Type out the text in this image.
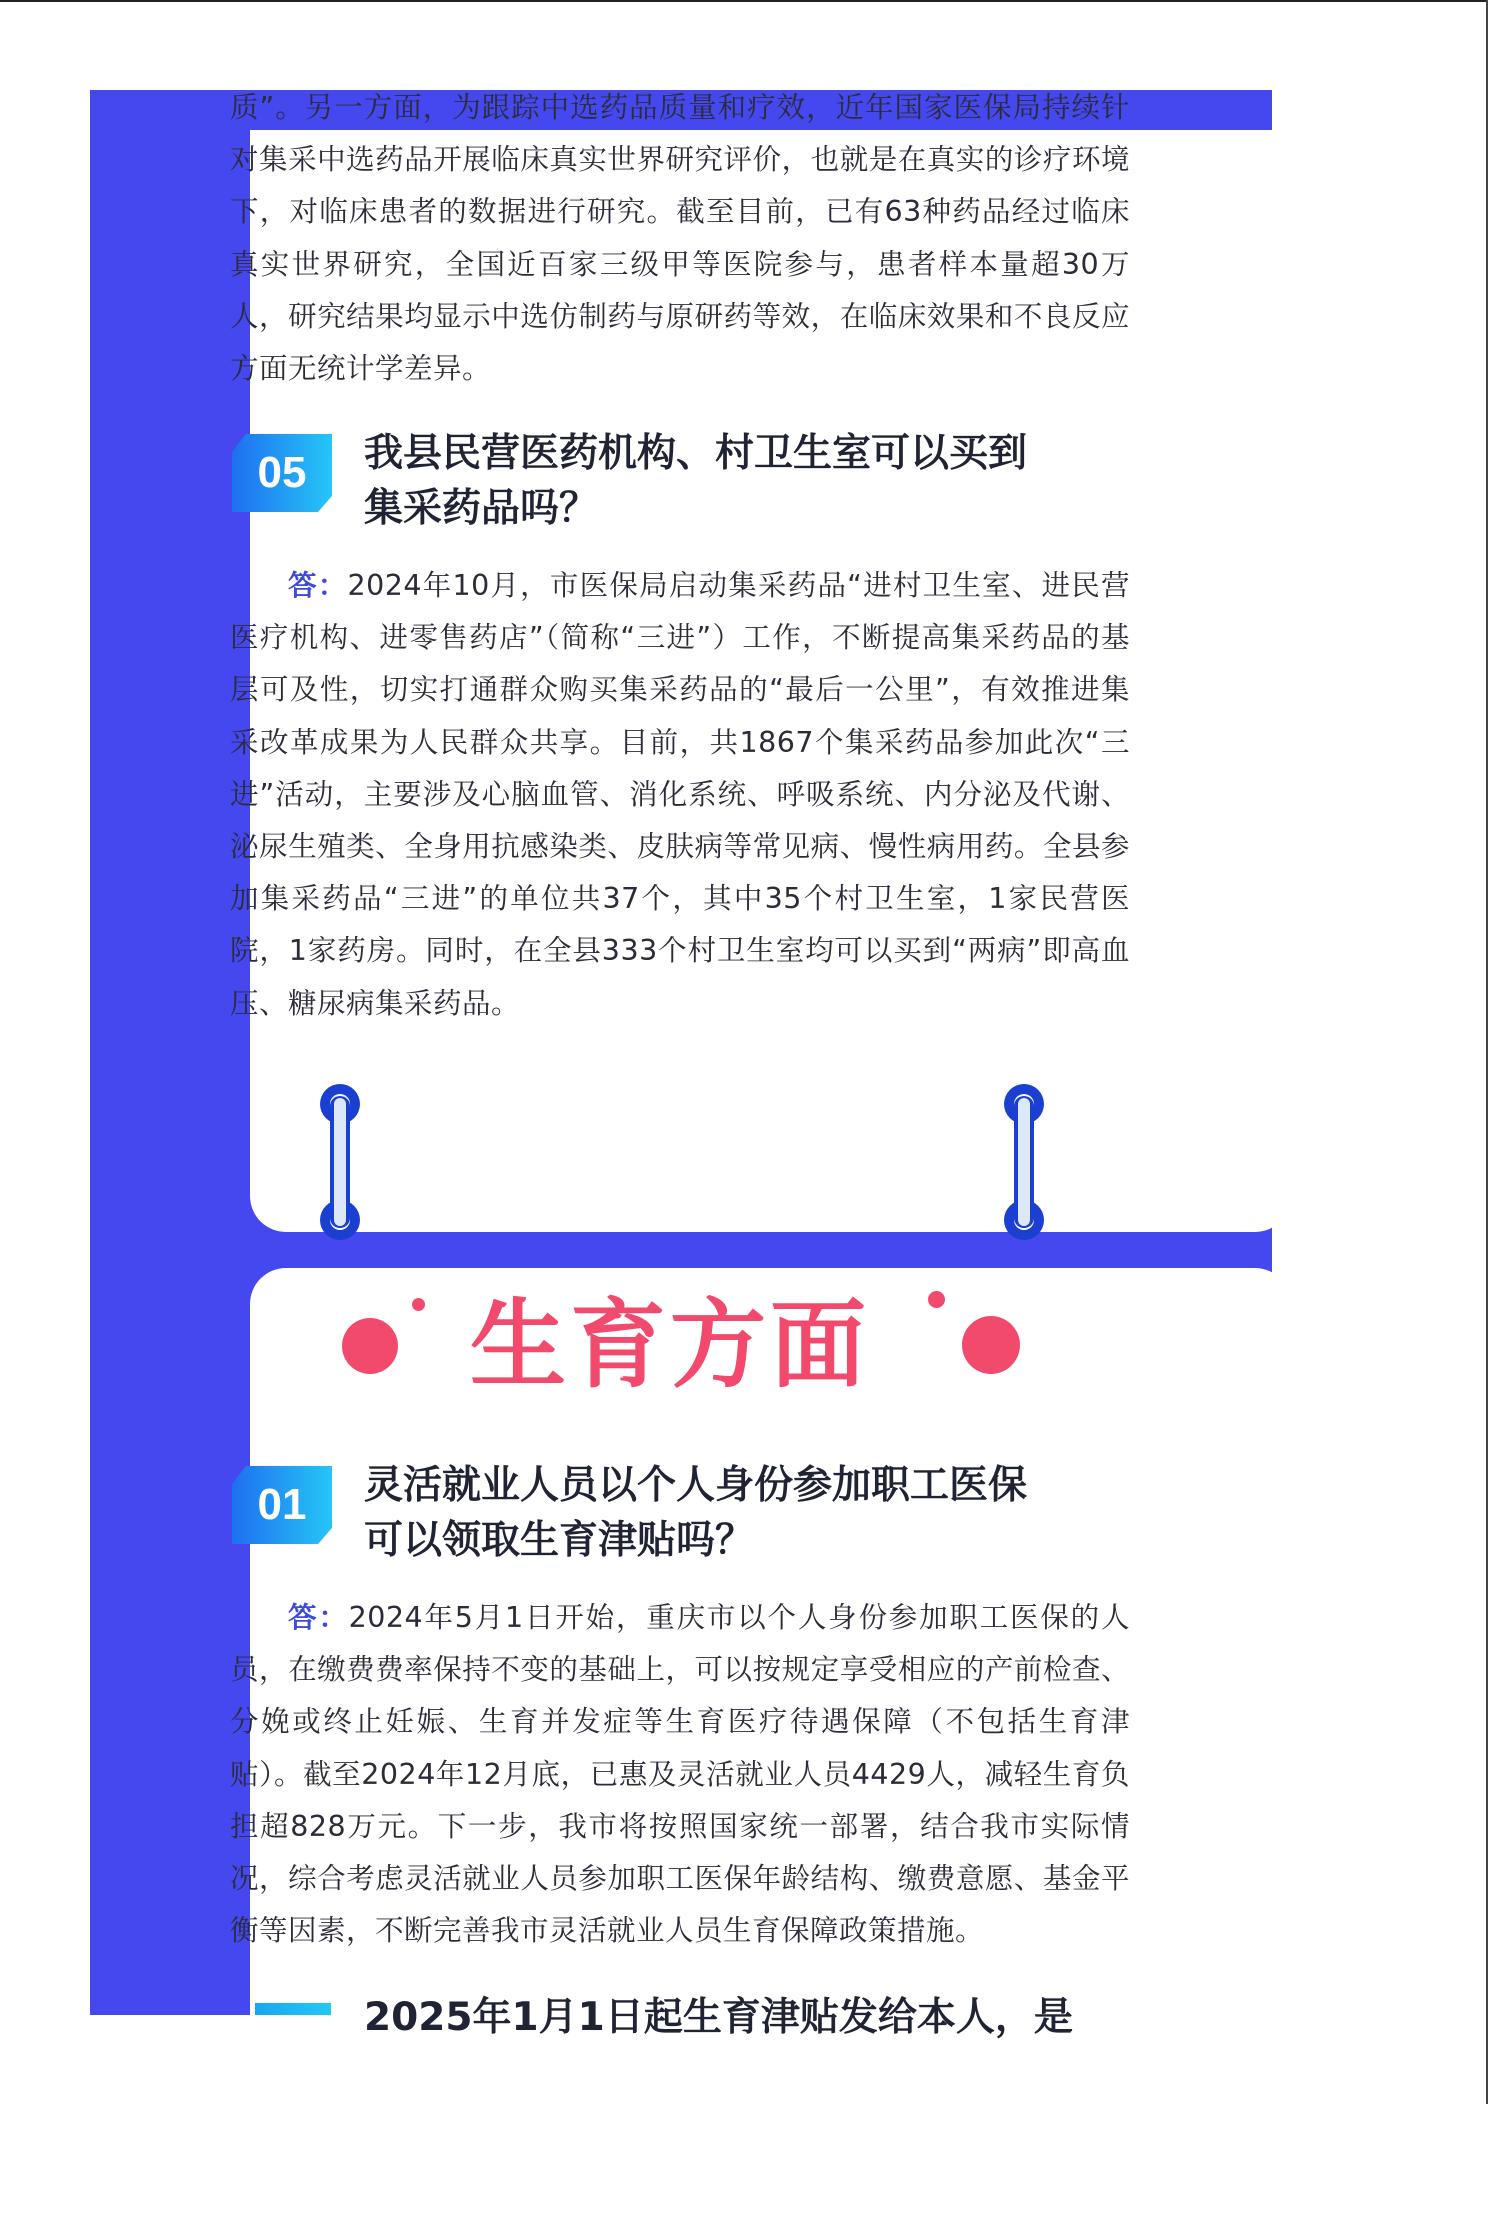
质”。另一方面，为跟踪中选药品质量和疗效，近年国家医保局持续针对集采中选药品开展临床真实世界研究评价，也就是在真实的诊疗环境下，对临床患者的数据进行研究。截至目前，已有63种药品经过临床真实世界研究，全国近百家三级甲等医院参与，患者样本量超30万人，研究结果均显示中选仿制药与原研药等效，在临床效果和不良反应方面无统计学差异。
05	我县民营医药机构、村卫生室可以买到
集采药品吗？
答：2024年10月，市医保局启动集采药品“进村卫生室、进民营医疗机构、进零售药店”（简称“三进”）工作，不断提高集采药品的基层可及性，切实打通群众购买集采药品的“最后一公里”，有效推进集采改革成果为人民群众共享。目前，共1867个集采药品参加此次“三进”活动，主要涉及心脑血管、消化系统、呼吸系统、内分泌及代谢、泌尿生殖类、全身用抗感染类、皮肤病等常见病、慢性病用药。全县参加集采药品“三进”的单位共37个，其中35个村卫生室，1家民营医院，1家药房。同时，在全县333个村卫生室均可以买到“两病”即高血压、糖尿病集采药品。
生育方面
01	灵活就业人员以个人身份参加职工医保
可以领取生育津贴吗？
答：2024年5月1日开始，重庆市以个人身份参加职工医保的人员，在缴费费率保持不变的基础上，可以按规定享受相应的产前检查、分娩或终止妊娠、生育并发症等生育医疗待遇保障（不包括生育津贴）。截至2024年12月底，已惠及灵活就业人员4429人，减轻生育负担超828万元。下一步，我市将按照国家统一部署，结合我市实际情况，综合考虑灵活就业人员参加职工医保年龄结构、缴费意愿、基金平衡等因素，不断完善我市灵活就业人员生育保障政策措施。
